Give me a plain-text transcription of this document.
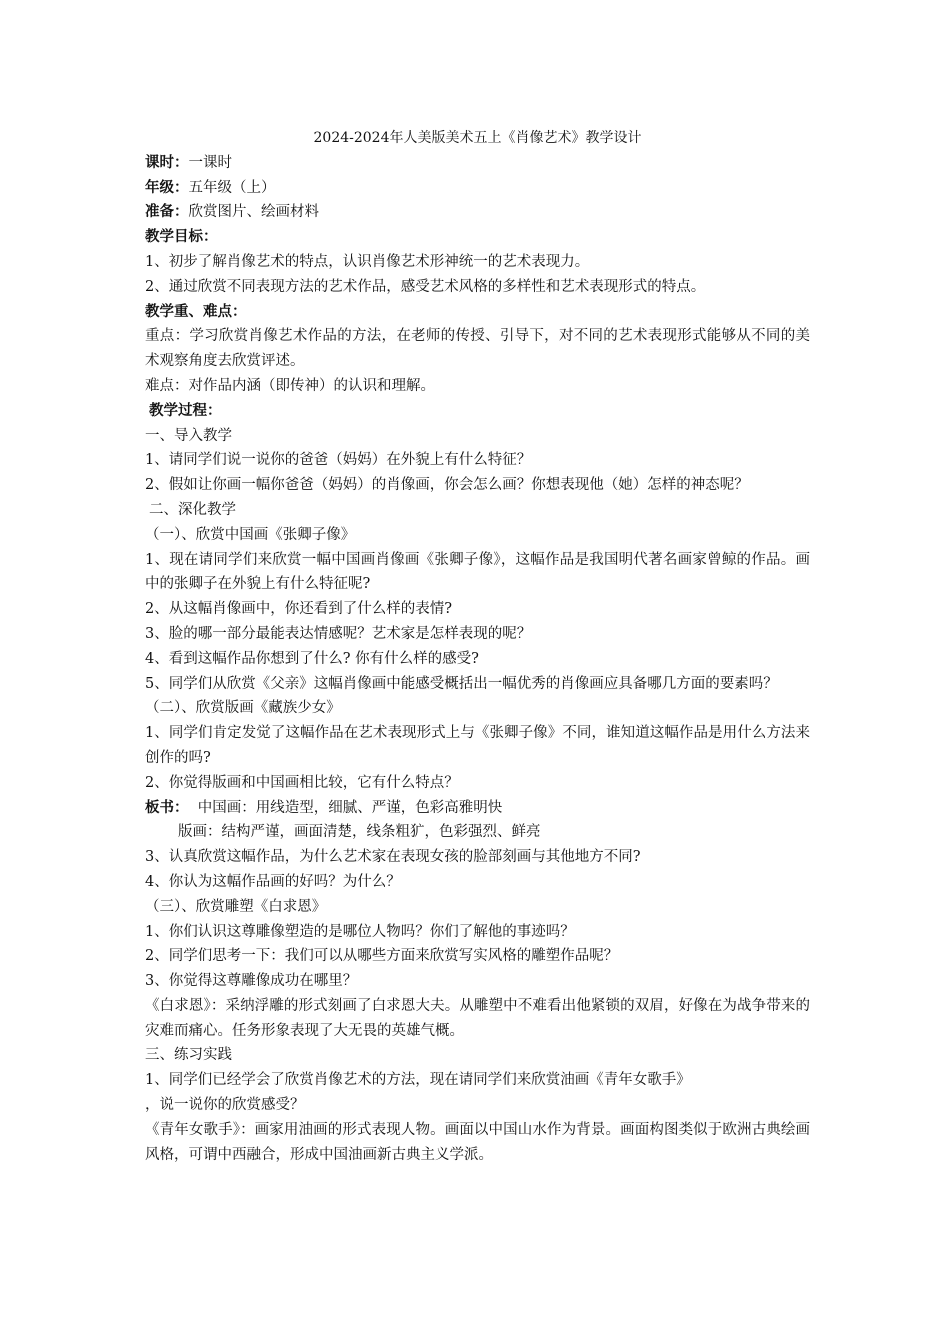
2024-2024年人美版美术五上《肖像艺术》教学设计
课时：一课时
年级：五年级（上）
准备：欣赏图片、绘画材料
教学目标：
1、初步了解肖像艺术的特点，认识肖像艺术形神统一的艺术表现力。
2、通过欣赏不同表现方法的艺术作品，感受艺术风格的多样性和艺术表现形式的特点。
教学重、难点：
重点：学习欣赏肖像艺术作品的方法，在老师的传授、引导下，对不同的艺术表现形式能够从不同的美术观察角度去欣赏评述。
难点：对作品内涵（即传神）的认识和理解。
教学过程：
一、导入教学
1、请同学们说一说你的爸爸（妈妈）在外貌上有什么特征？
2、假如让你画一幅你爸爸（妈妈）的肖像画，你会怎么画？你想表现他（她）怎样的神态呢？
二、深化教学
（一）、欣赏中国画《张卿子像》
1、现在请同学们来欣赏一幅中国画肖像画《张卿子像》，这幅作品是我国明代著名画家曾鲸的作品。画中的张卿子在外貌上有什么特征呢?
2、从这幅肖像画中，你还看到了什么样的表情?
3、脸的哪一部分最能表达情感呢？艺术家是怎样表现的呢？
4、看到这幅作品你想到了什么? 你有什么样的感受?
5、同学们从欣赏《父亲》这幅肖像画中能感受概括出一幅优秀的肖像画应具备哪几方面的要素吗？
（二）、欣赏版画《藏族少女》
1、同学们肯定发觉了这幅作品在艺术表现形式上与《张卿子像》不同，谁知道这幅作品是用什么方法来创作的吗?
2、你觉得版画和中国画相比较，它有什么特点？
板书： 中国画：用线造型，细腻、严谨，色彩高雅明快
版画：结构严谨，画面清楚，线条粗犷，色彩强烈、鲜亮
3、认真欣赏这幅作品，为什么艺术家在表现女孩的脸部刻画与其他地方不同?
4、你认为这幅作品画的好吗？为什么？
（三）、欣赏雕塑《白求恩》
1、你们认识这尊雕像塑造的是哪位人物吗？你们了解他的事迹吗？
2、同学们思考一下：我们可以从哪些方面来欣赏写实风格的雕塑作品呢？
3、你觉得这尊雕像成功在哪里？
《白求恩》：采纳浮雕的形式刻画了白求恩大夫。从雕塑中不难看出他紧锁的双眉，好像在为战争带来的灾难而痛心。任务形象表现了大无畏的英雄气概。
三、练习实践
1、同学们已经学会了欣赏肖像艺术的方法，现在请同学们来欣赏油画《青年女歌手》
，说一说你的欣赏感受？
《青年女歌手》：画家用油画的形式表现人物。画面以中国山水作为背景。画面构图类似于欧洲古典绘画风格，可谓中西融合，形成中国油画新古典主义学派。
